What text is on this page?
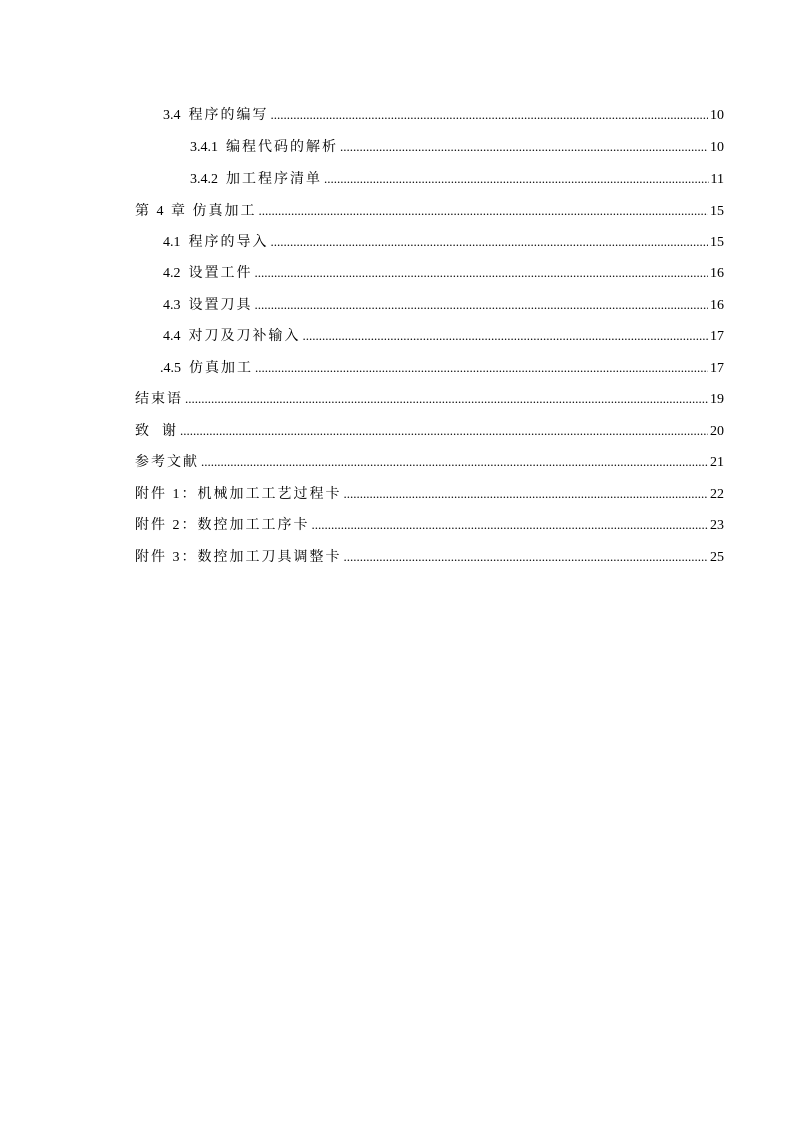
3.4 程序的编写 .....	10
3.4.1 编程代码的解析 .....	10
3.4.2 加工程序清单 .....	11
第 4 章 仿真加工 .....	15
4.1 程序的导入 .....	15
4.2 设置工件 .....	16
4.3 设置刀具 .....	16
4.4 对刀及刀补输入 .....	17
.4.5 仿真加工 .....	17
结束语 .....	19
致  谢 .....	20
参考文献 .....	21
附件 1：机械加工工艺过程卡 .....	22
附件 2：数控加工工序卡 .....	23
附件 3：数控加工刀具调整卡 .....	25
